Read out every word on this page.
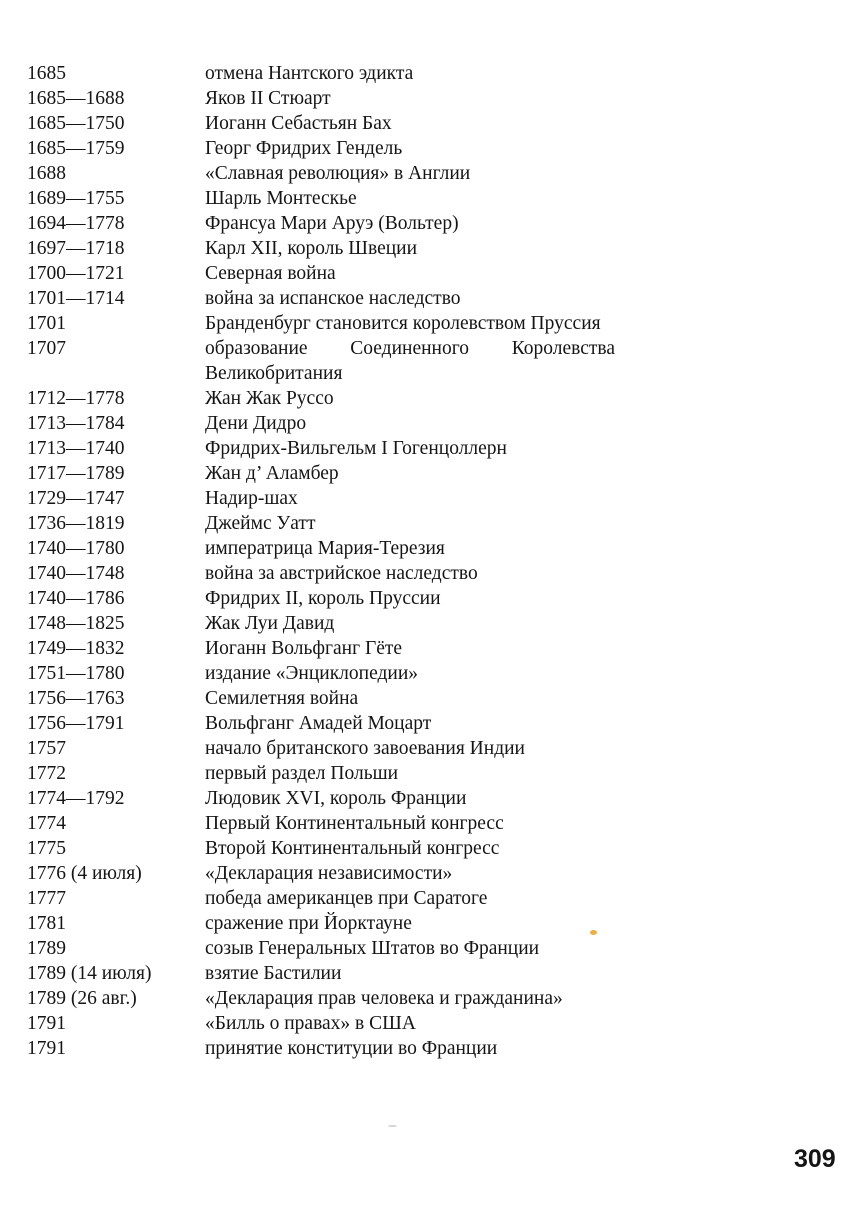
1685	отмена Нантского эдикта
1685—1688	Яков II Стюарт
1685—1750	Иоганн Себастьян Бах
1685—1759	Георг Фридрих Гендель
1688	«Славная революция» в Англии
1689—1755	Шарль Монтескье
1694—1778	Франсуа Мари Аруэ (Вольтер)
1697—1718	Карл XII, король Швеции
1700—1721	Северная война
1701—1714	война за испанское наследство
1701	Бранденбург становится королевством Пруссия
1707	образование Соединенного Королевства Великобритания
1712—1778	Жан Жак Руссо
1713—1784	Дени Дидро
1713—1740	Фридрих-Вильгельм I Гогенцоллерн
1717—1789	Жан д’ Аламбер
1729—1747	Надир-шах
1736—1819	Джеймс Уатт
1740—1780	императрица Мария-Терезия
1740—1748	война за австрийское наследство
1740—1786	Фридрих II, король Пруссии
1748—1825	Жак Луи Давид
1749—1832	Иоганн Вольфганг Гёте
1751—1780	издание «Энциклопедии»
1756—1763	Семилетняя война
1756—1791	Вольфганг Амадей Моцарт
1757	начало британского завоевания Индии
1772	первый раздел Польши
1774—1792	Людовик XVI, король Франции
1774	Первый Континентальный конгресс
1775	Второй Континентальный конгресс
1776 (4 июля)	«Декларация независимости»
1777	победа американцев при Саратоге
1781	сражение при Йорктауне
1789	созыв Генеральных Штатов во Франции
1789 (14 июля)	взятие Бастилии
1789 (26 авг.)	«Декларация прав человека и гражданина»
1791	«Билль о правах» в США
1791	принятие конституции во Франции
309
